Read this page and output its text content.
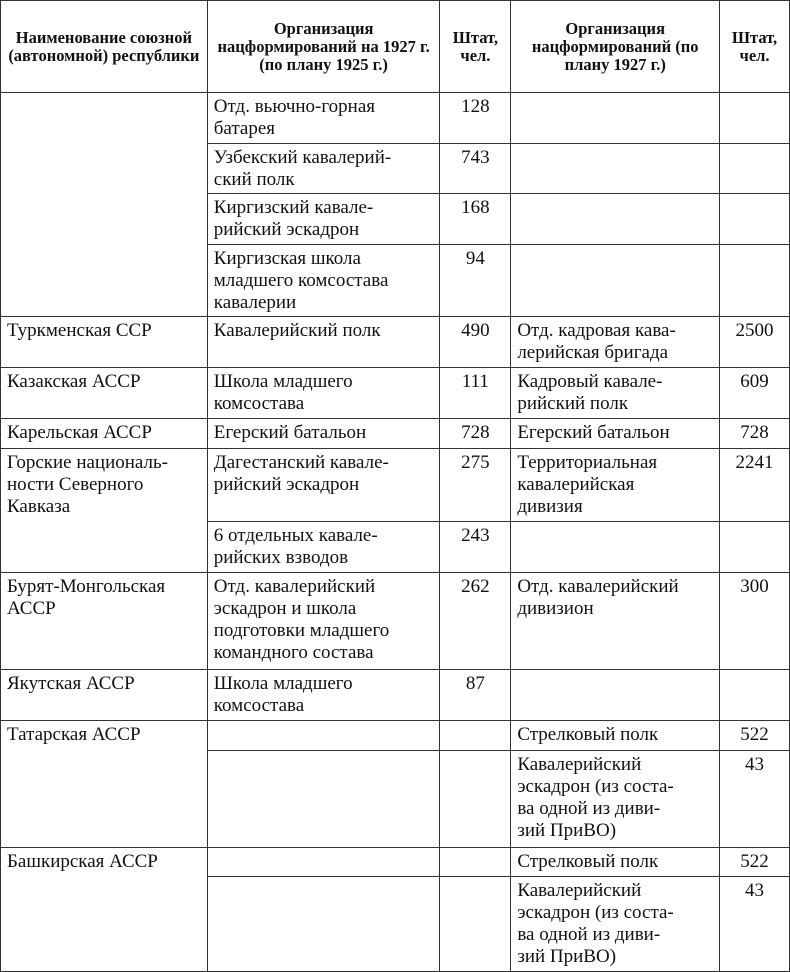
Наименование союзной (автономной) республики	Организация нацформирований на 1927 г. (по плану 1925 г.)	Штат, чел.	Организация нацформирований (по плану 1927 г.)	Штат, чел.

	Отд. вьючно-горная
батарея	128		

	Узбекский кавалерий-
ский полк	743		

	Киргизский кавале-
рийский эскадрон	168		

	Киргизская школа
младшего комсостава
кавалерии	94		
Туркменская ССР	Кавалерийский полк	490	Отд. кадровая кава-
лерийская бригада	2500
Казакская АССР	Школа младшего
комсостава	111	Кадровый кавале-
рийский полк	609
Карельская АССР	Егерский батальон	728	Егерский батальон	728

Горские националь-
ности Северного
Кавказа	Дагестанский кавале-
рийский эскадрон	275	Территориальная
кавалерийская
дивизия	2241

	6 отдельных кавале-
рийских взводов	243		

Бурят-Монгольская
АССР	Отд. кавалерийский
эскадрон и школа
подготовки младшего
командного состава	262	Отд. кавалерийский
дивизион	300
Якутская АССР	Школа младшего
комсостава	87		
Татарская АССР			Стрелковый полк	522

			Кавалерийский
эскадрон (из соста-
ва одной из диви-
зий ПриВО)	43
Башкирская АССР			Стрелковый полк	522

			Кавалерийский
эскадрон (из соста-
ва одной из диви-
зий ПриВО)	43
